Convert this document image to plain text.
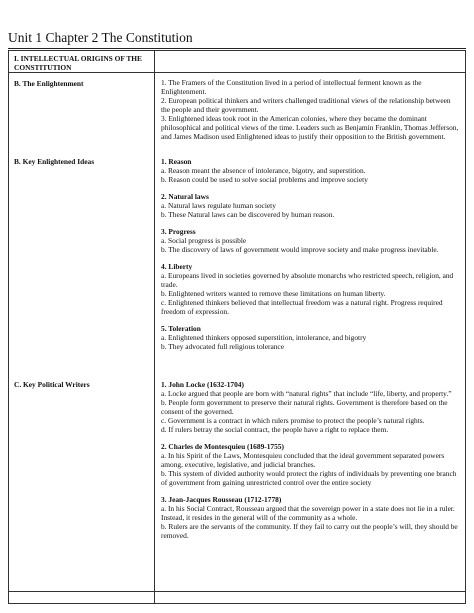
Unit 1 Chapter 2 The Constitution
I. INTELLECTUAL ORIGINS OF THE CONSTITUTION
B. The Enlightenment	1. The Framers of the Constitution lived in a period of intellectual ferment known as the Enlightenment.

2. European political thinkers and writers challenged traditional views of the relationship between the people and their government.

3. Enlightened ideas took root in the American colonies, where they became the dominant philosophical and political views of the time. Leaders such as Benjamin Franklin, Thomas Jefferson, and James Madison used Enlightened ideas to justify their opposition to the British government.

B. Key Enlightened Ideas	1. Reason

a. Reason meant the absence of intolerance, bigotry, and superstition.

b. Reason could be used to solve social problems and improve society

2. Natural laws

a. Natural laws regulate human society

b. These Natural laws can be discovered by human reason.

3. Progress

a. Social progress is possible

b. The discovery of laws of government would improve society and make progress inevitable.

4. Liberty

a. Europeans lived in societies governed by absolute monarchs who restricted speech, religion, and trade.

b. Enlightened writers wanted to remove these limitations on human liberty.

c. Enlightened thinkers believed that intellectual freedom was a natural right. Progress required freedom of expression.

5. Toleration

a. Enlightened thinkers opposed superstition, intolerance, and bigotry

b. They advocated full religious tolerance

C. Key Political Writers	1. John Locke (1632-1704)

a. Locke argued that people are born with “natural rights” that include “life, liberty, and property.”

b. People form government to preserve their natural rights. Government is therefore based on the consent of the governed.

c. Government is a contract in which rulers promise to protect the people’s natural rights.

d. If rulers betray the social contract, the people have a right to replace them.

2. Charles de Montesquieu (1689-1755)

a. In his Spirit of the Laws, Montesquieu concluded that the ideal government separated powers among, executive, legislative, and judicial branches.

b. This system of divided authority would protect the rights of individuals by preventing one branch of government from gaining unrestricted control over the entire society

3. Jean-Jacques Rousseau (1712-1778)

a. In his Social Contract, Rousseau argued that the sovereign power in a state does not lie in a ruler. Instead, it resides in the general will of the community as a whole.

b. Rulers are the servants of the community. If they fail to carry out the people’s will, they should be removed.
